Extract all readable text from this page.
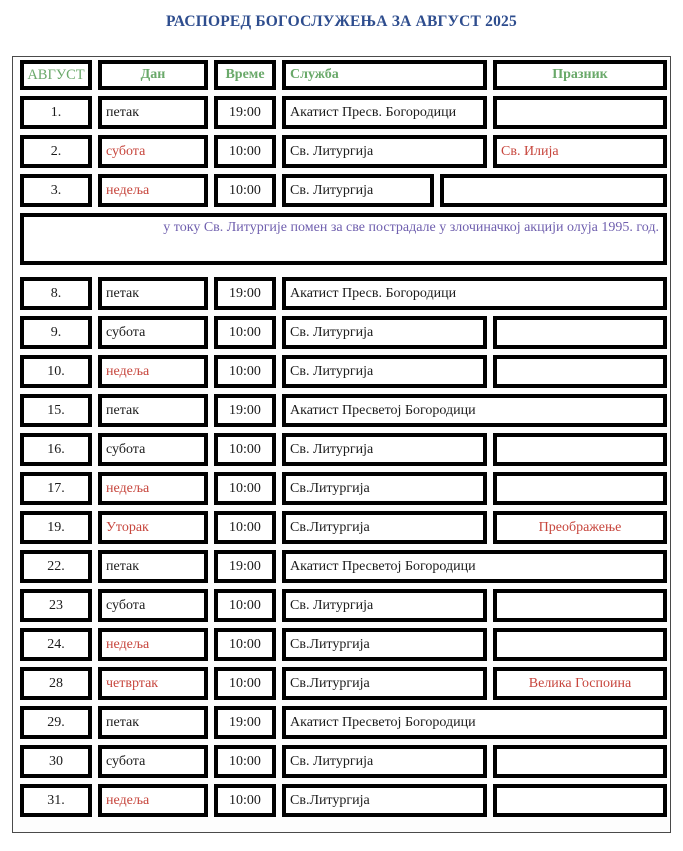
РАСПОРЕД БОГОСЛУЖЕЊА ЗА АВГУСТ 2025
АВГУСТ	Дан	Време	Служба	Празник
1.	петак	19:00	Акатист Пресв. Богородици
2.	субота	10:00	Св. Литургија	Св. Илија
3.	недеља	10:00	Св. Литургија
у току Св. Литургије помен за све пострадале у злочиначкој акцији олуја 1995. год.
8.	петак	19:00	Акатист Пресв. Богородици
9.	субота	10:00	Св. Литургија
10.	недеља	10:00	Св. Литургија
15.	петак	19:00	Акатист Пресветој Богородици
16.	субота	10:00	Св. Литургија
17.	недеља	10:00	Св.Литургија
19.	Уторак	10:00	Св.Литургија	Преображење
22.	петак	19:00	Акатист Пресветој Богородици
23	субота	10:00	Св. Литургија
24.	недеља	10:00	Св.Литургија
28	четвртак	10:00	Св.Литургија	Велика Госпоина
29.	петак	19:00	Акатист Пресветој Богородици
30	субота	10:00	Св. Литургија
31.	недеља	10:00	Св.Литургија
